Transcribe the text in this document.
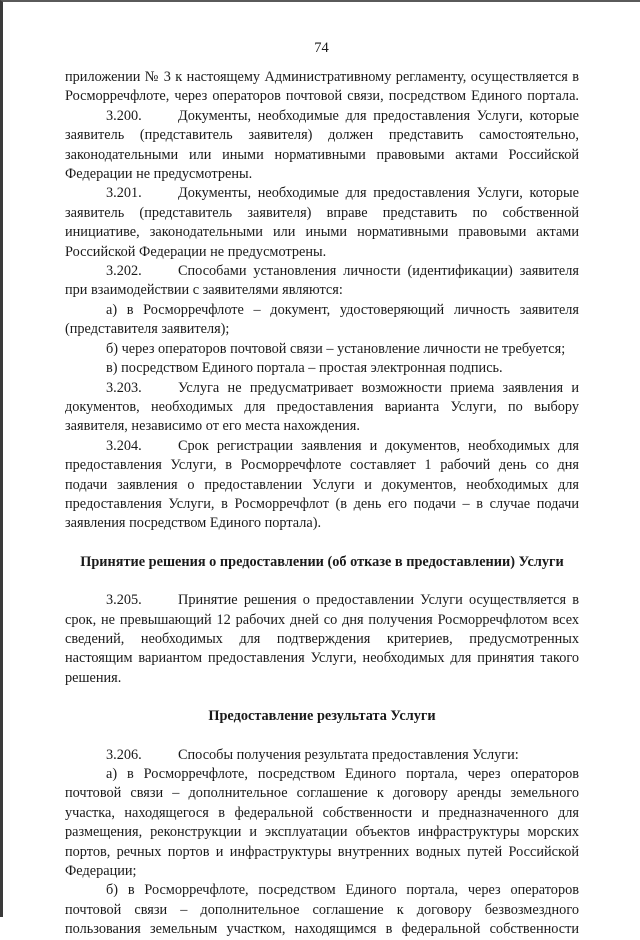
74

приложении № 3 к настоящему Административному регламенту, осуществляется в Росморречфлоте, через операторов почтовой связи, посредством Единого портала.

3.200.	Документы, необходимые для предоставления Услуги, которые заявитель (представитель заявителя) должен представить самостоятельно, законодательными или иными нормативными правовыми актами Российской Федерации не предусмотрены.

3.201.	Документы, необходимые для предоставления Услуги, которые заявитель (представитель заявителя) вправе представить по собственной инициативе, законодательными или иными нормативными правовыми актами Российской Федерации не предусмотрены.

3.202.	Способами установления личности (идентификации) заявителя при взаимодействии с заявителями являются:

а) в Росморречфлоте – документ, удостоверяющий личность заявителя (представителя заявителя);

б) через операторов почтовой связи – установление личности не требуется;

в) посредством Единого портала – простая электронная подпись.

3.203.	Услуга не предусматривает возможности приема заявления и документов, необходимых для предоставления варианта Услуги, по выбору заявителя, независимо от его места нахождения.

3.204.	Срок регистрации заявления и документов, необходимых для предоставления Услуги, в Росморречфлоте составляет 1 рабочий день со дня подачи заявления о предоставлении Услуги и документов, необходимых для предоставления Услуги, в Росморречфлот (в день его подачи – в случае подачи заявления посредством Единого портала).

Принятие решения о предоставлении (об отказе в предоставлении) Услуги

3.205.	Принятие решения о предоставлении Услуги осуществляется в срок, не превышающий 12 рабочих дней со дня получения Росморречфлотом всех сведений, необходимых для подтверждения критериев, предусмотренных настоящим вариантом предоставления Услуги, необходимых для принятия такого решения.

Предоставление результата Услуги

3.206.	Способы получения результата предоставления Услуги:

а) в Росморречфлоте, посредством Единого портала, через операторов почтовой связи – дополнительное соглашение к договору аренды земельного участка, находящегося в федеральной собственности и предназначенного для размещения, реконструкции и эксплуатации объектов инфраструктуры морских портов, речных портов и инфраструктуры внутренних водных путей Российской Федерации;

б) в Росморречфлоте, посредством Единого портала, через операторов почтовой связи – дополнительное соглашение к договору безвозмездного пользования земельным участком, находящимся в федеральной собственности
